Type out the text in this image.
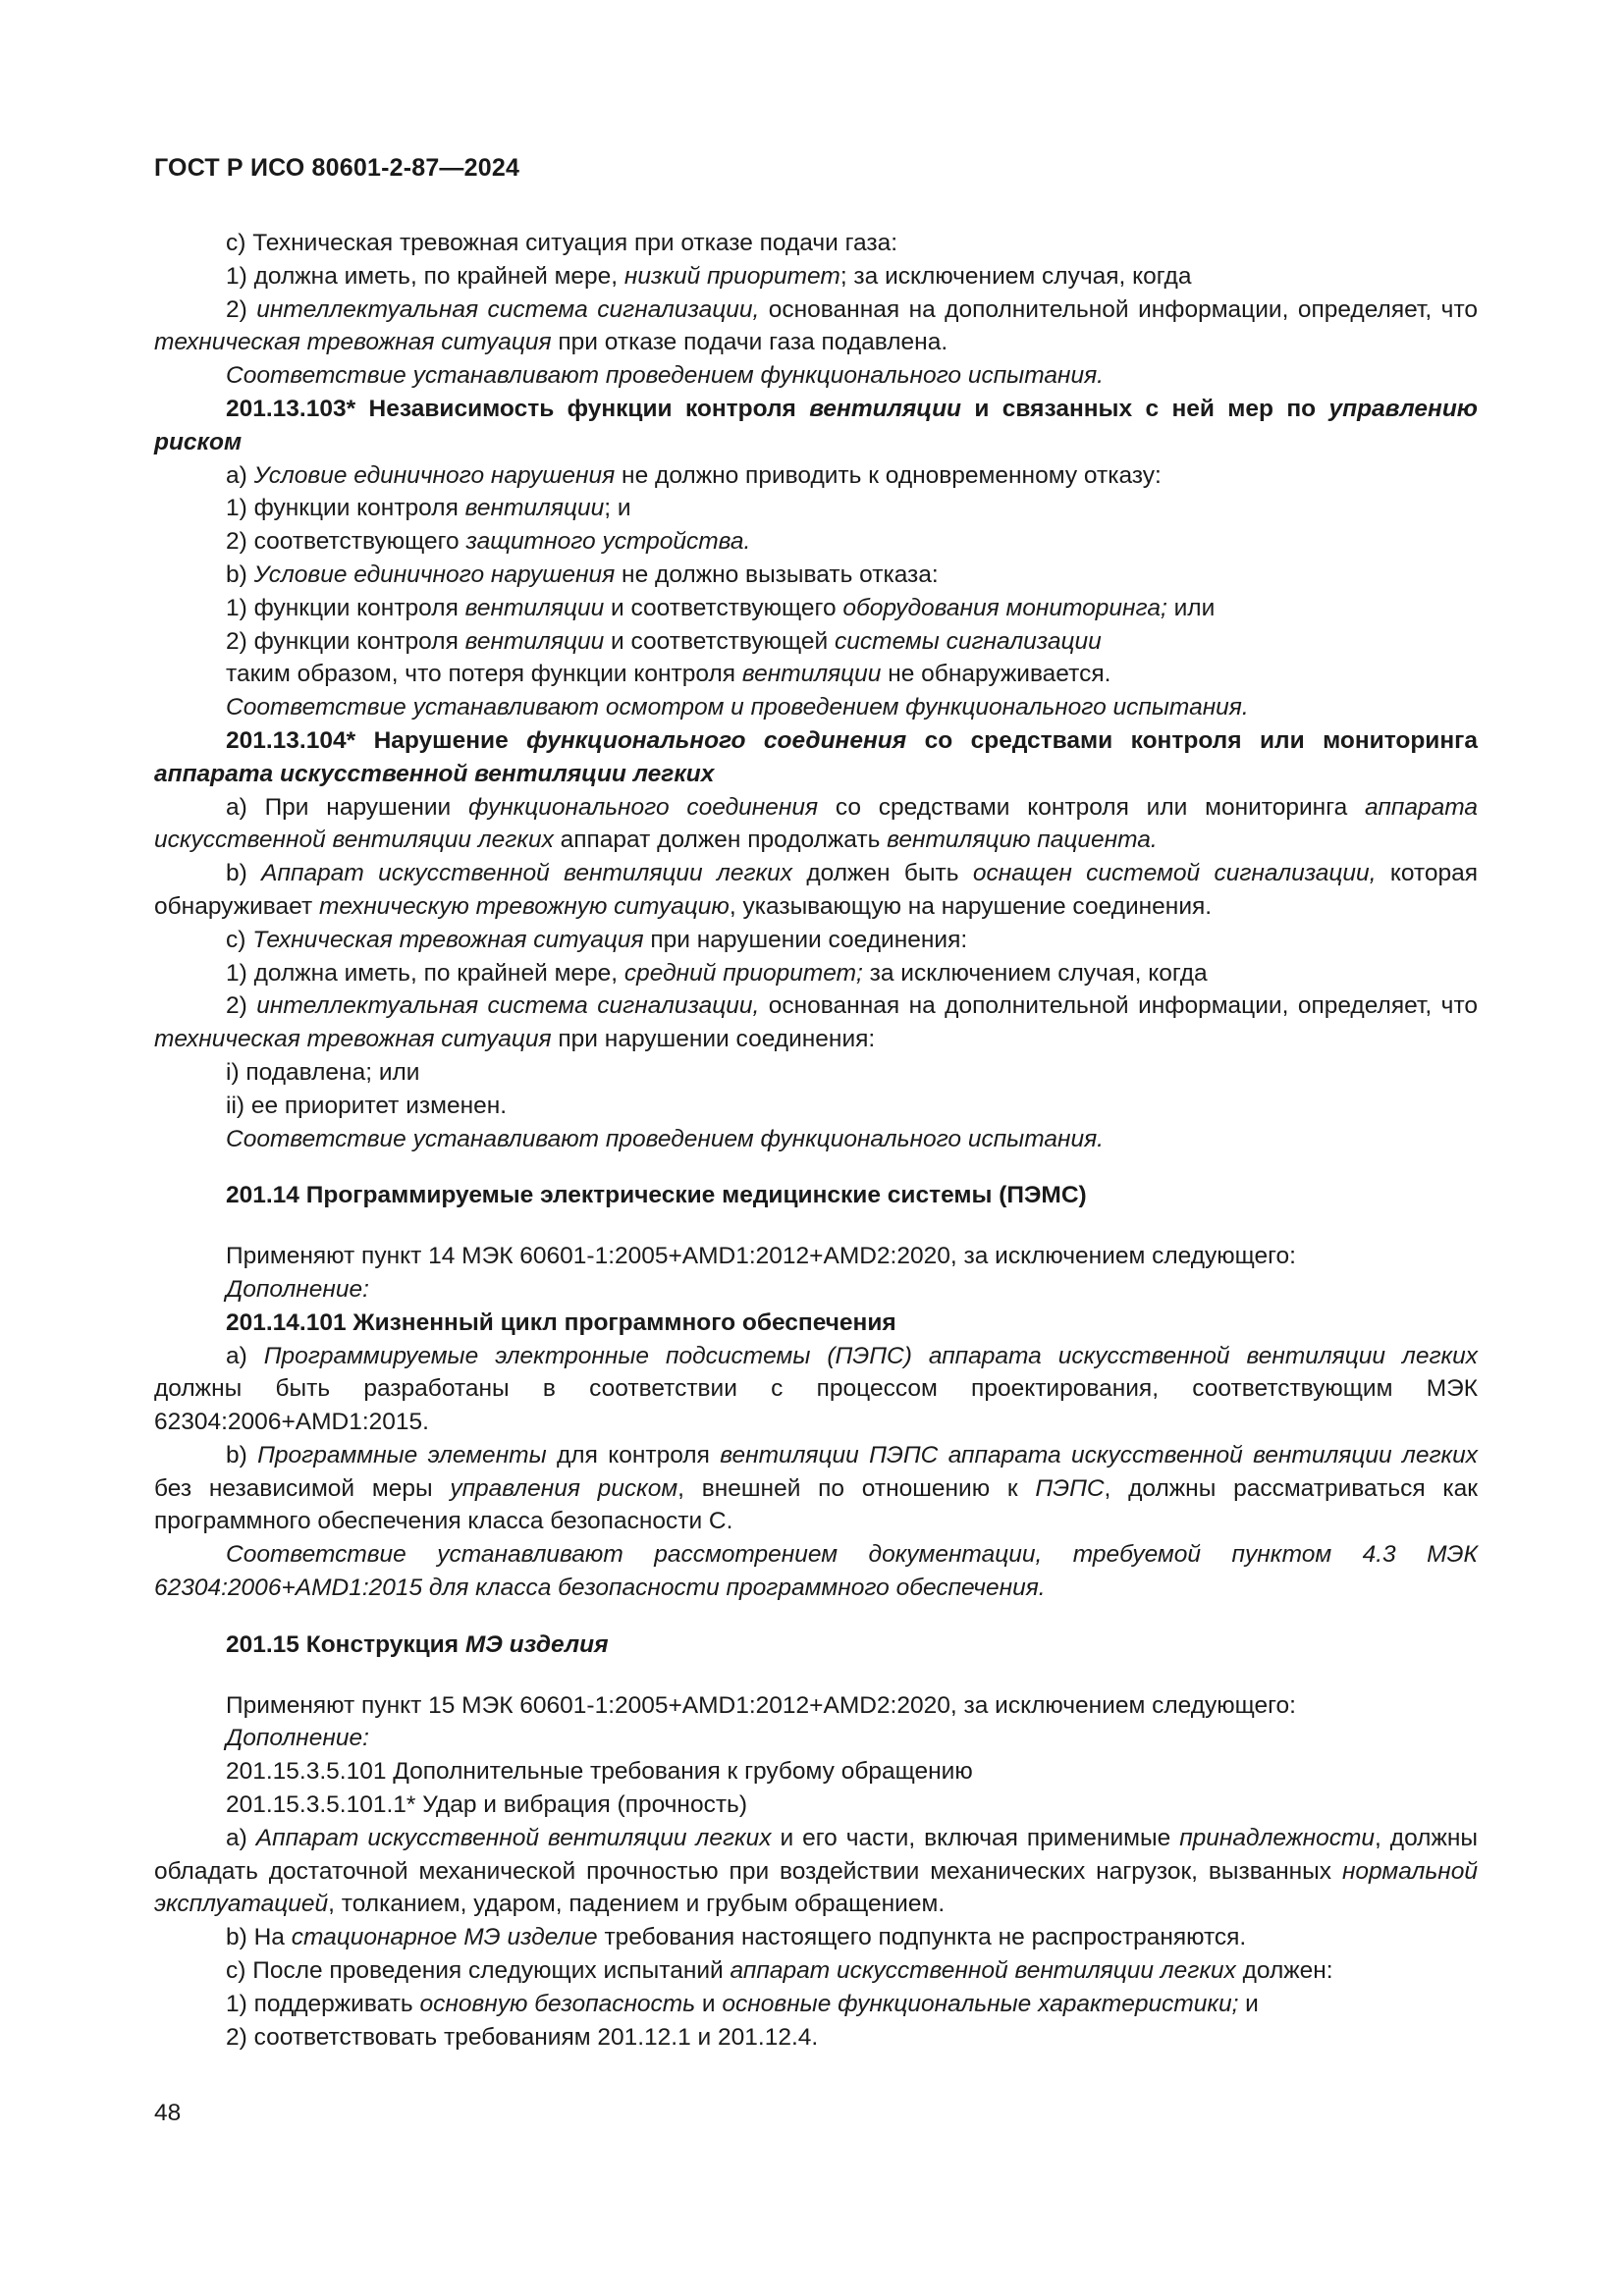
ГОСТ Р ИСО 80601-2-87—2024

c) Техническая тревожная ситуация при отказе подачи газа:

1) должна иметь, по крайней мере, низкий приоритет; за исключением случая, когда

2) интеллектуальная система сигнализации, основанная на дополнительной информации, определяет, что техническая тревожная ситуация при отказе подачи газа подавлена.

Соответствие устанавливают проведением функционального испытания.

201.13.103* Независимость функции контроля вентиляции и связанных с ней мер по управлению риском

a) Условие единичного нарушения не должно приводить к одновременному отказу:

1) функции контроля вентиляции; и

2) соответствующего защитного устройства.

b) Условие единичного нарушения не должно вызывать отказа:

1) функции контроля вентиляции и соответствующего оборудования мониторинга; или

2) функции контроля вентиляции и соответствующей системы сигнализации

таким образом, что потеря функции контроля вентиляции не обнаруживается.

Соответствие устанавливают осмотром и проведением функционального испытания.

201.13.104* Нарушение функционального соединения со средствами контроля или мониторинга аппарата искусственной вентиляции легких

a) При нарушении функционального соединения со средствами контроля или мониторинга аппарата искусственной вентиляции легких аппарат должен продолжать вентиляцию пациента.

b) Аппарат искусственной вентиляции легких должен быть оснащен системой сигнализации, которая обнаруживает техническую тревожную ситуацию, указывающую на нарушение соединения.

c) Техническая тревожная ситуация при нарушении соединения:

1) должна иметь, по крайней мере, средний приоритет; за исключением случая, когда

2) интеллектуальная система сигнализации, основанная на дополнительной информации, определяет, что техническая тревожная ситуация при нарушении соединения:

i) подавлена; или

ii) ее приоритет изменен.

Соответствие устанавливают проведением функционального испытания.

201.14 Программируемые электрические медицинские системы (ПЭМС)

Применяют пункт 14 МЭК 60601-1:2005+AMD1:2012+AMD2:2020, за исключением следующего:

Дополнение:

201.14.101 Жизненный цикл программного обеспечения

a) Программируемые электронные подсистемы (ПЭПС) аппарата искусственной вентиляции легких должны быть разработаны в соответствии с процессом проектирования, соответствующим МЭК 62304:2006+AMD1:2015.

b) Программные элементы для контроля вентиляции ПЭПС аппарата искусственной вентиляции легких без независимой меры управления риском, внешней по отношению к ПЭПС, должны рассматриваться как программного обеспечения класса безопасности С.

Соответствие устанавливают рассмотрением документации, требуемой пунктом 4.3 МЭК 62304:2006+AMD1:2015 для класса безопасности программного обеспечения.

201.15 Конструкция МЭ изделия

Применяют пункт 15 МЭК 60601-1:2005+AMD1:2012+AMD2:2020, за исключением следующего:

Дополнение:

201.15.3.5.101 Дополнительные требования к грубому обращению

201.15.3.5.101.1* Удар и вибрация (прочность)

a) Аппарат искусственной вентиляции легких и его части, включая применимые принадлежности, должны обладать достаточной механической прочностью при воздействии механических нагрузок, вызванных нормальной эксплуатацией, толканием, ударом, падением и грубым обращением.

b) На стационарное МЭ изделие требования настоящего подпункта не распространяются.

c) После проведения следующих испытаний аппарат искусственной вентиляции легких должен:

1) поддерживать основную безопасность и основные функциональные характеристики; и

2) соответствовать требованиям 201.12.1 и 201.12.4.

48
